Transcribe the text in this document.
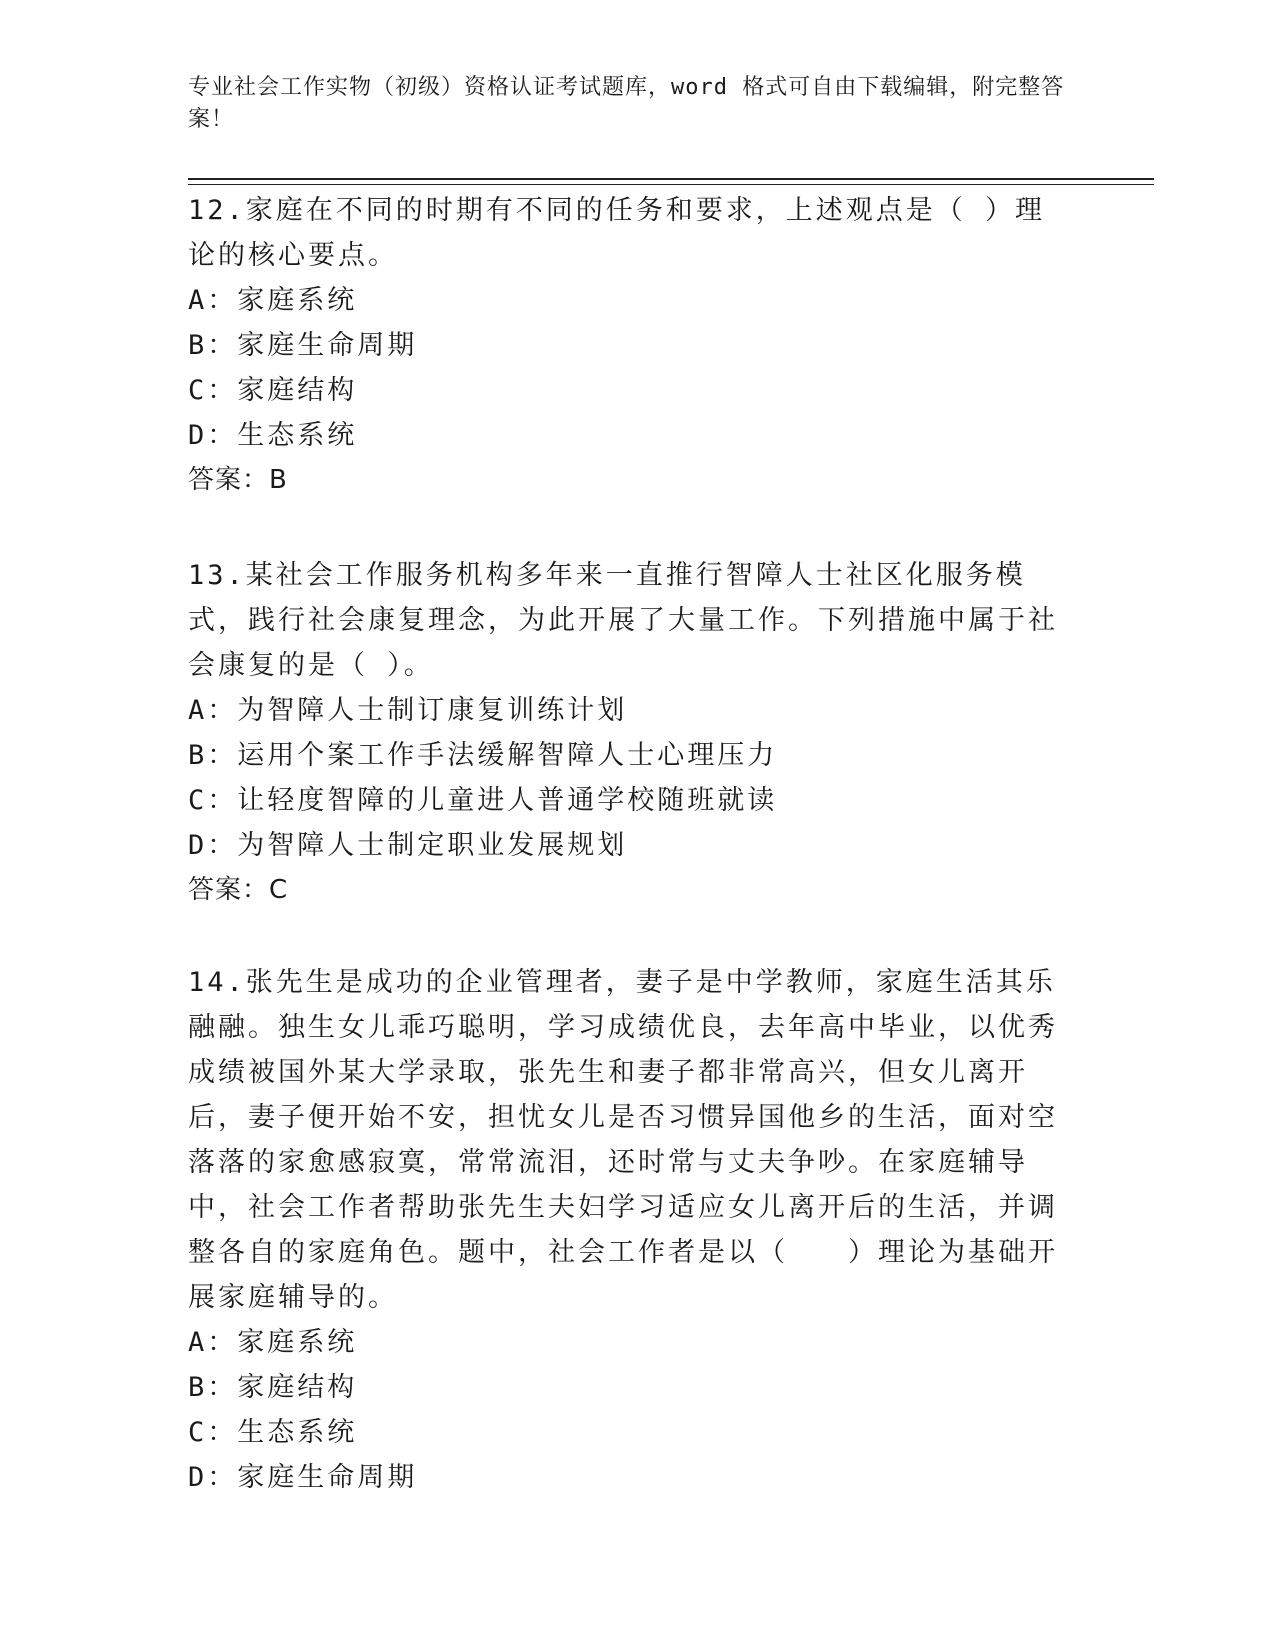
专业社会工作实物（初级）资格认证考试题库，word 格式可自由下载编辑，附完整答案！

12.家庭在不同的时期有不同的任务和要求，上述观点是（ ）理论的核心要点。

A：家庭系统

B：家庭生命周期

C：家庭结构

D：生态系统

答案：B

13.某社会工作服务机构多年来一直推行智障人士社区化服务模式，践行社会康复理念，为此开展了大量工作。下列措施中属于社会康复的是（ ）。

A：为智障人士制订康复训练计划

B：运用个案工作手法缓解智障人士心理压力

C：让轻度智障的儿童进人普通学校随班就读

D：为智障人士制定职业发展规划

答案：C

14.张先生是成功的企业管理者，妻子是中学教师，家庭生活其乐融融。独生女儿乖巧聪明，学习成绩优良，去年高中毕业，以优秀成绩被国外某大学录取，张先生和妻子都非常高兴，但女儿离开后，妻子便开始不安，担忧女儿是否习惯异国他乡的生活，面对空落落的家愈感寂寞，常常流泪，还时常与丈夫争吵。在家庭辅导中，社会工作者帮助张先生夫妇学习适应女儿离开后的生活，并调整各自的家庭角色。题中，社会工作者是以（　　）理论为基础开展家庭辅导的。

A：家庭系统

B：家庭结构

C：生态系统

D：家庭生命周期
